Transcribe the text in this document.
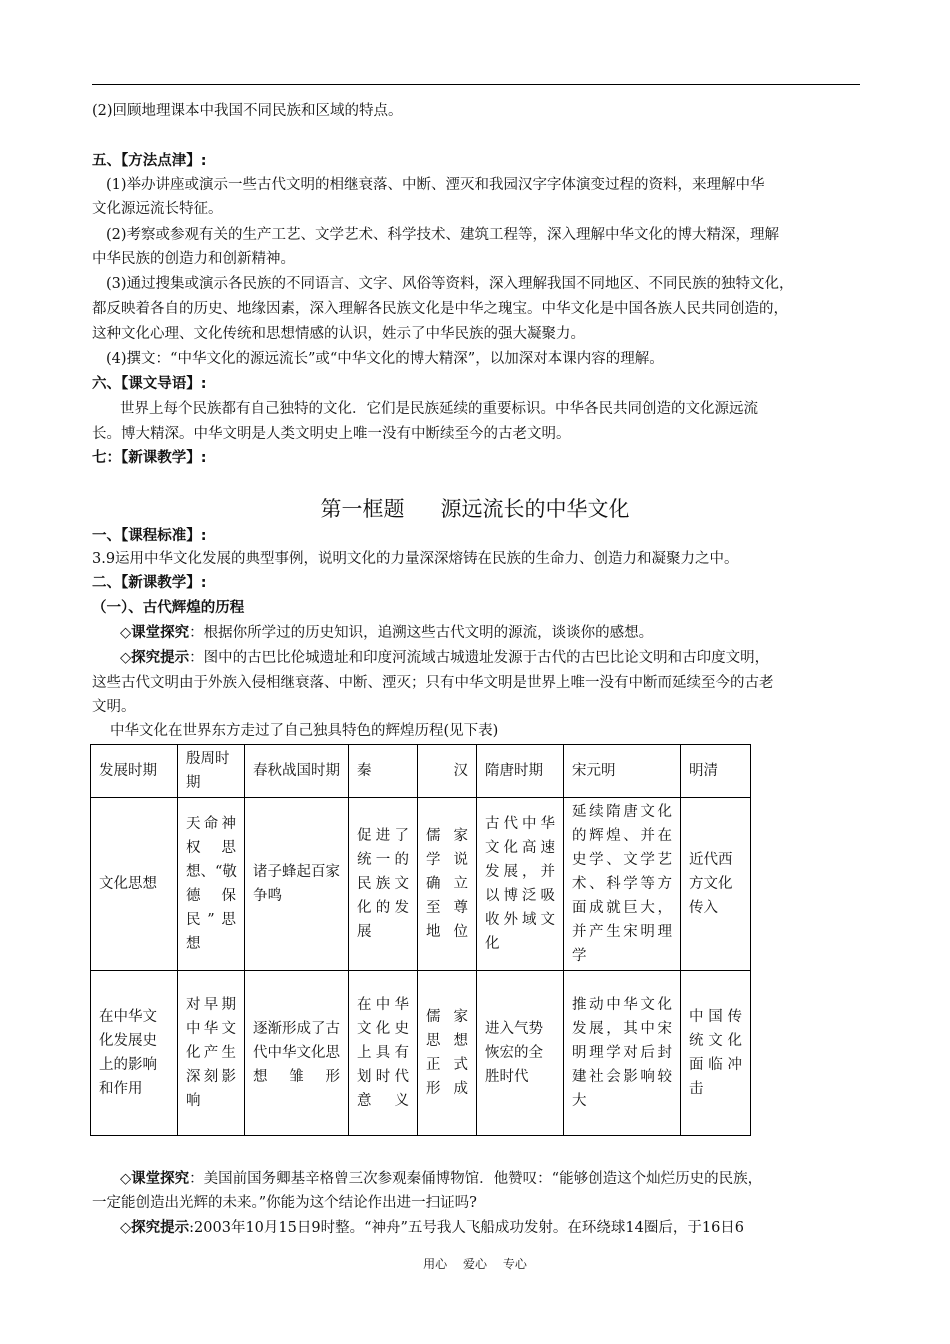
(2)回顾地理课本中我国不同民族和区域的特点。
五、【方法点津】:
(1)举办讲座或演示一些古代文明的相继衰落、中断、湮灭和我园汉字字体演变过程的资料，来理解中华
文化源远流长特征。
(2)考察或参观有关的生产工艺、文学艺术、科学技术、建筑工程等，深入理解中华文化的博大精深，理解
中华民族的创造力和创新精神。
(3)通过搜集或演示各民族的不同语言、文字、风俗等资料，深入理解我国不同地区、不同民族的独特文化，
都反映着各自的历史、地缘因素，深入理解各民族文化是中华之瑰宝。中华文化是中国各族人民共同创造的，
这种文化心理、文化传统和思想情感的认识，姓示了中华民族的强大凝聚力。
(4)撰文：“中华文化的源远流长”或“中华文化的博大精深”，以加深对本课内容的理解。
六、【课文导语】:
世界上每个民族都有自己独特的文化．它们是民族延续的重要标识。中华各民共同创造的文化源远流
长。博大精深。中华文明是人类文明史上唯一没有中断续至今的古老文明。
七：【新课教学】:
第一框题 源远流长的中华文化
一、【课程标准】:
3.9运用中华文化发展的典型事例，说明文化的力量深深熔铸在民族的生命力、创造力和凝聚力之中。
二、【新课教学】:
（一）、古代辉煌的历程
◇课堂探究：根据你所学过的历史知识，追溯这些古代文明的源流，谈谈你的感想。
◇探究提示：图中的古巴比伦城遗址和印度河流域古城遗址发源于古代的古巴比论文明和古印度文明，
这些古代文明由于外族入侵相继衰落、中断、湮灭；只有中华文明是世界上唯一没有中断而延续至今的古老
文明。
中华文化在世界东方走过了自己独具特色的辉煌历程(见下表)
发展时期	殷周时期	春秋战国时期	秦	汉	隋唐时期	宋元明	明清
文化思想	天命神权思想、“敬德保民”思想	诸子蜂起百家争鸣	促进了统一的民族文化的发展	儒家学说确立至尊地位	古代中华文化高速发展，并以博泛吸收外域文化	延续隋唐文化的辉煌、并在史学、文学艺术、科学等方面成就巨大，并产生宋明理学	近代西方文化传入
在中华文化发展史上的影响和作用	对早期中华文化产生深刻影响	逐渐形成了古代中华文化思想雏形	在中华文化史上具有划时代意义	儒家思想正式形成	进入气势恢宏的全胜时代	推动中华文化发展，其中宋明理学对后封建社会影响较大	中国传统文化面临冲击
◇课堂探究：美国前国务卿基辛格曾三次参观秦俑博物馆．他赞叹：“能够创造这个灿烂历史的民族，
一定能创造出光辉的未来。”你能为这个结论作出进一扫证吗?
◇探究提示:2003年10月15日9时整。“神舟”五号我人飞船成功发射。在环绕球14圈后，于16日6
用心 爱心 专心
